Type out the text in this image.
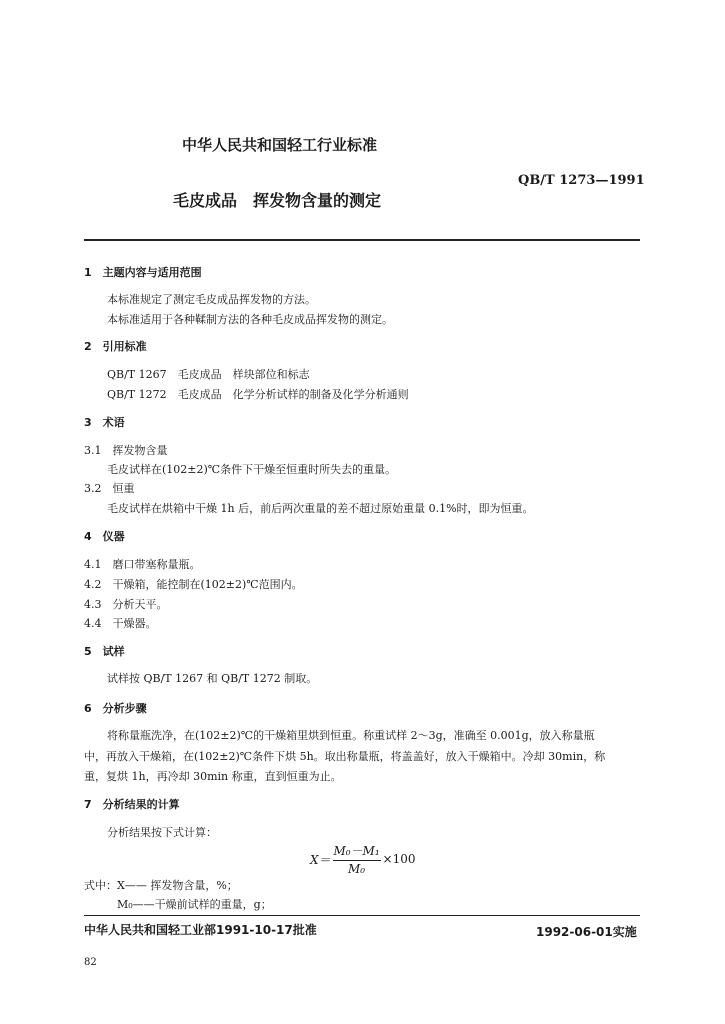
中华人民共和国轻工行业标准
QB/T 1273—1991
毛皮成品　挥发物含量的测定
1　主题内容与适用范围
本标准规定了测定毛皮成品挥发物的方法。
本标准适用于各种鞣制方法的各种毛皮成品挥发物的测定。
2　引用标准
QB/T 1267　毛皮成品　样块部位和标志
QB/T 1272　毛皮成品　化学分析试样的制备及化学分析通则
3　术语
3.1　挥发物含量
毛皮试样在(102±2)℃条件下干燥至恒重时所失去的重量。
3.2　恒重
毛皮试样在烘箱中干燥 1h 后，前后两次重量的差不超过原始重量 0.1%时，即为恒重。
4　仪器
4.1　磨口带塞称量瓶。
4.2　干燥箱，能控制在(102±2)℃范围内。
4.3　分析天平。
4.4　干燥器。
5　试样
试样按 QB/T 1267 和 QB/T 1272 制取。
6　分析步骤
将称量瓶洗净，在(102±2)℃的干燥箱里烘到恒重。称重试样 2～3g，准确至 0.001g，放入称量瓶
中，再放入干燥箱，在(102±2)℃条件下烘 5h。取出称量瓶，将盖盖好，放入干燥箱中。冷却 30min，称
重，复烘 1h，再冷却 30min 称重，直到恒重为止。
7　分析结果的计算
分析结果按下式计算：
$X= \frac{\text{M₀－M₁}}{\text{M₀}} \times 100$
式中：X—— 挥发物含量，%；
M₀——干燥前试样的重量，g；
中华人民共和国轻工业部1991-10-17批准	1992-06-01实施
82
